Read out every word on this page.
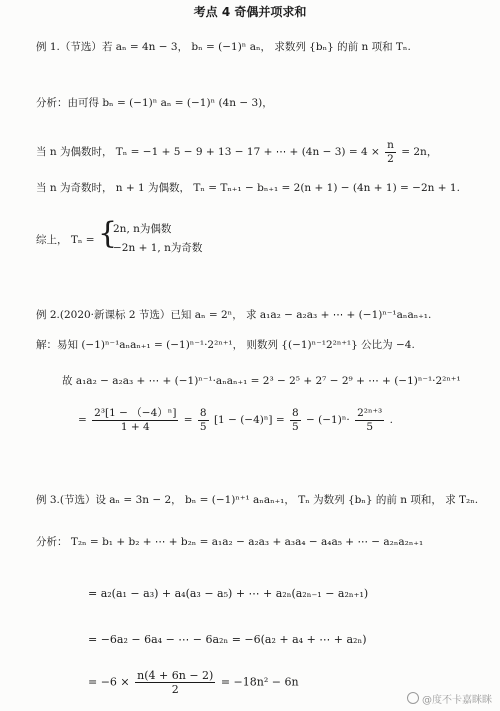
考点 4 奇偶并项求和
例 1.（节选）若 aₙ = 4n − 3， bₙ = (−1)ⁿ aₙ， 求数列 {bₙ} 的前 n 项和 Tₙ.
分析：由可得 bₙ = (−1)ⁿ aₙ = (−1)ⁿ (4n − 3)，
当 n 为偶数时， Tₙ = −1 + 5 − 9 + 13 − 17 + ⋯ + $(4n - 3) = 4 \times \frac{n}{2} = 2n$，
当 n 为奇数时， n + 1 为偶数， Tₙ = Tₙ₊₁ − bₙ₊₁ = 2(n + 1) − (4n + 1) = −2n + 1.
综上， Tₙ = {
2n, n为偶数
−2n + 1, n为奇数
例 2.(2020·新课标 2 节选）已知 aₙ = 2ⁿ， 求 a₁a₂ − a₂a₃ + ⋯ + (−1)ⁿ⁻¹aₙaₙ₊₁.
解：易知 (−1)ⁿ⁻¹aₙaₙ₊₁ = (−1)ⁿ⁻¹·2²ⁿ⁺¹， 则数列 {(−1)ⁿ⁻¹2²ⁿ⁺¹} 公比为 −4.
故 a₁a₂ − a₂a₃ + ⋯ + (−1)ⁿ⁻¹·aₙaₙ₊₁ = 2³ − 2⁵ + 2⁷ − 2⁹ + ⋯ + (−1)ⁿ⁻¹·2²ⁿ⁺¹
= $\frac{\text{2³[1 − （−4）ⁿ]}}{1 + 4} = \frac{8}{5} [1 - (-4)^n] = \frac{8}{5} - (-1)^n\cdot \frac{\text{2²ⁿ⁺³}}{5}$ .
例 3.(节选）设 aₙ = 3n − 2， bₙ = (−1)ⁿ⁺¹ aₙaₙ₊₁， Tₙ 为数列 {bₙ} 的前 n 项和， 求 T₂ₙ.
分析： T₂ₙ = b₁ + b₂ + ⋯ + b₂ₙ = a₁a₂ − a₂a₃ + a₃a₄ − a₄a₅ + ⋯ − a₂ₙa₂ₙ₊₁
= a₂(a₁ − a₃) + a₄(a₃ − a₅) + ⋯ + a₂ₙ(a₂ₙ₋₁ − a₂ₙ₊₁)
= −6a₂ − 6a₄ − ⋯ − 6a₂ₙ = −6(a₂ + a₄ + ⋯ + a₂ₙ)
= $-6 \times \frac{n(4 + 6n - 2)}{2} = -18n^2 - 6n$
@度不卡嘉眯眯
